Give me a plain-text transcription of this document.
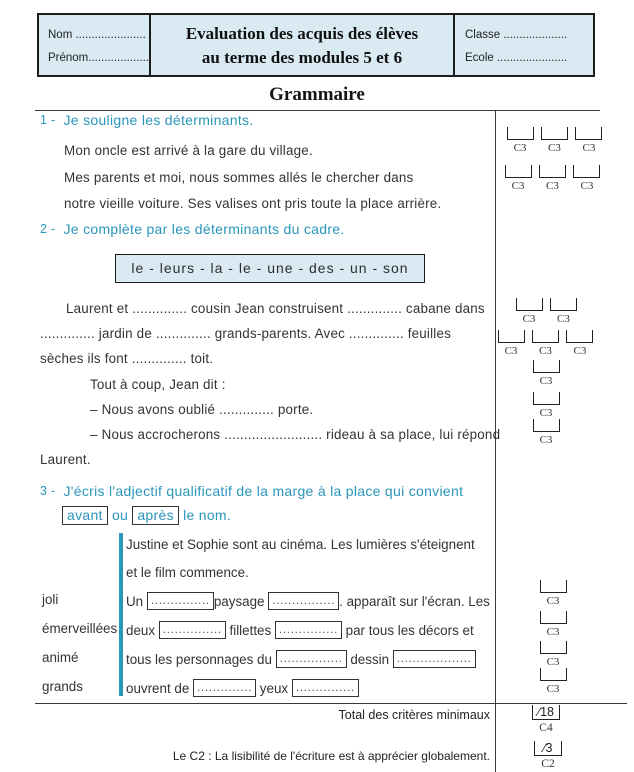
Nom ......................
Prénom...................
Evaluation des acquis des élèves
au terme des modules 5 et 6
Classe ....................
Ecole ......................
Grammaire
1 - Je souligne les déterminants.
Mon oncle est arrivé à la gare du village.
Mes parents et moi, nous sommes allés le chercher dans
notre vieille voiture. Ses valises ont pris toute la place arrière.
C3
	C3
	C3
C3
	C3
	C3
2 - Je complète par les déterminants du cadre.
le - leurs - la - le - une - des - un - son
Laurent et .............. cousin Jean construisent .............. cabane dans
.............. jardin de .............. grands-parents. Avec .............. feuilles
sèches ils font .............. toit.
Tout à coup, Jean dit :
– Nous avons oublié .............. porte.
– Nous accrocherons ......................... rideau à sa place, lui répond
Laurent.
C3
	C3
C3
	C3
	C3
C3
C3
C3
3 - J'écris l'adjectif qualificatif de la marge à la place qui convient
avant ou après le nom.
joli
émerveillées
animé
grands
Justine et Sophie sont au cinéma. Les lumières s'éteignent
et le film commence.
Un ............... paysage ................ . apparaît sur l'écran. Les
deux ............... fillettes ............... par tous les décors et
tous les personnages du ................ dessin ...................
ouvrent de .............. yeux ...............
C3
C3
C3
C3
Total des critères minimaux	∕18
C4
Le C2 : La lisibilité de l'écriture est à apprécier globalement.
∕3
C2
